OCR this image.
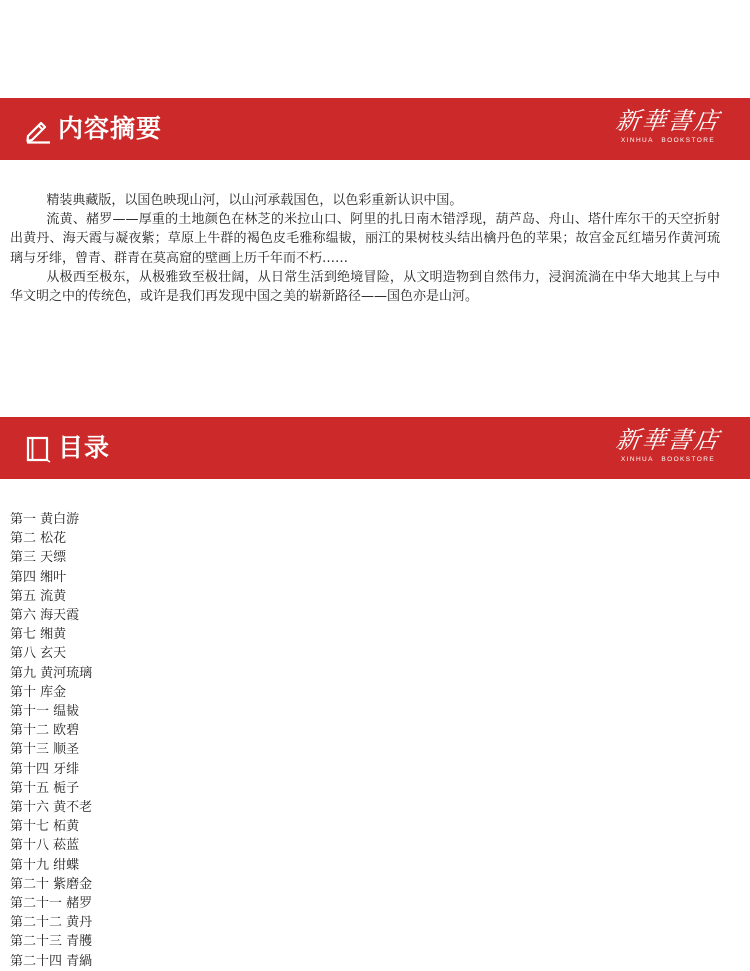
内容摘要	新華書店
XINHUA　BOOKSTORE

精装典藏版，以国色映现山河，以山河承载国色，以色彩重新认识中国。

流黄、赭罗——厚重的土地颜色在林芝的米拉山口、阿里的扎日南木错浮现，葫芦岛、舟山、塔什库尔干的天空折射出黄丹、海天霞与凝夜紫；草原上牛群的褐色皮毛雅称缊韨，丽江的果树枝头结出檎丹色的苹果；故宫金瓦红墙另作黄河琉璃与牙绯，曾青、群青在莫高窟的壁画上历千年而不朽……

从极西至极东，从极雅致至极壮阔，从日常生活到绝境冒险，从文明造物到自然伟力，浸润流淌在中华大地其上与中华文明之中的传统色，或许是我们再发现中国之美的崭新路径——国色亦是山河。

目录	新華書店
XINHUA　BOOKSTORE
第一 黄白游
第二 松花
第三 天缥
第四 缃叶
第五 流黄
第六 海天霞
第七 缃黄
第八 玄天
第九 黄河琉璃
第十 库金
第十一 缊韨
第十二 欧碧
第十三 顺圣
第十四 牙绯
第十五 栀子
第十六 黄不老
第十七 柘黄
第十八 菘蓝
第十九 绀蝶
第二十 紫磨金
第二十一 赭罗
第二十二 黄丹
第二十三 青雘
第二十四 青緺
